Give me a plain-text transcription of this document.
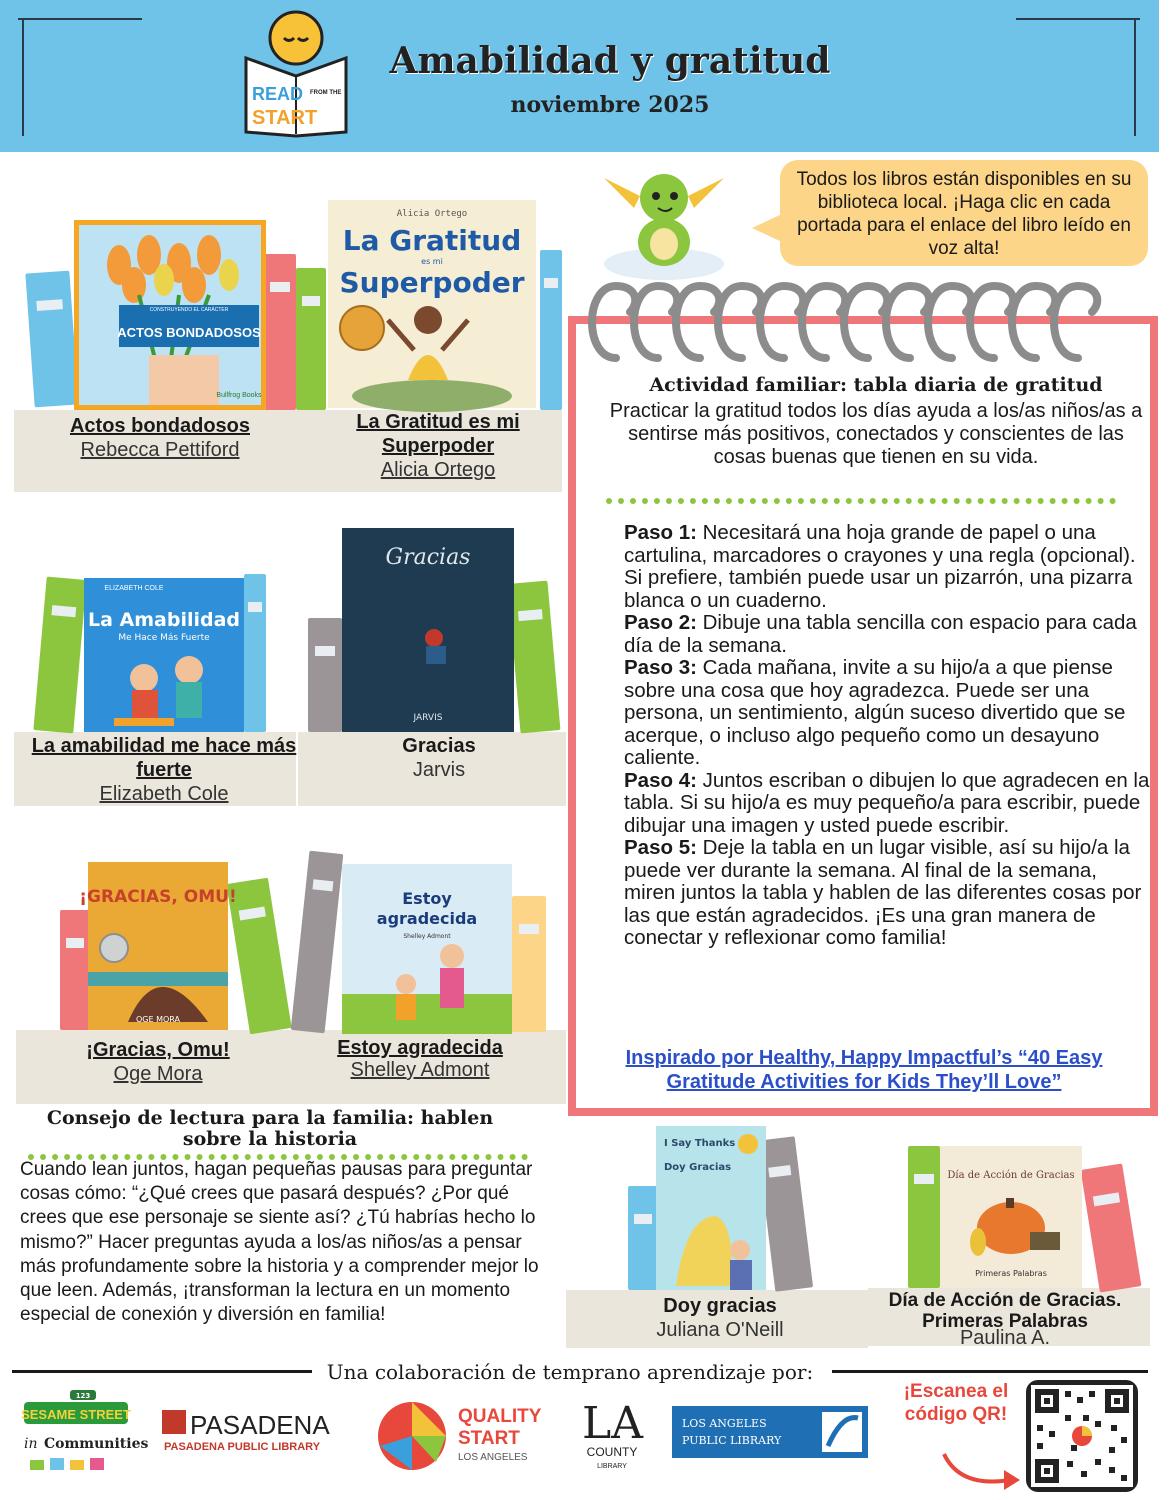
READ FROM THE
START
Amabilidad y gratitud
noviembre 2025
CONSTRUYENDO EL CARÁCTER
ACTOS BONDADOSOS
Bullfrog Books
Alicia Ortego
La Gratitud
es mi
Superpoder
Actos bondadosos
Rebecca Pettiford
La Gratitud es mi Superpoder
Alicia Ortego
ELIZABETH COLE
La Amabilidad
Me Hace Más Fuerte
Gracias
JARVIS
La amabilidad me hace más fuerte
Elizabeth Cole
Gracias
Jarvis
¡GRACIAS, OMU!
OGE MORA
Estoy
agradecida
Shelley Admont
¡Gracias, Omu!
Oge Mora
Estoy agradecida
Shelley Admont
Todos los libros están disponibles en su biblioteca local. ¡Haga clic en cada portada para el enlace del libro leído en voz alta!
Actividad familiar: tabla diaria de gratitud
Practicar la gratitud todos los días ayuda a los/as niños/as a sentirse más positivos, conectados y conscientes de las cosas buenas que tienen en su vida.

Paso 1: Necesitará una hoja grande de papel o una cartulina, marcadores o crayones y una regla (opcional). Si prefiere, también puede usar un pizarrón, una pizarra blanca o un cuaderno.

Paso 2: Dibuje una tabla sencilla con espacio para cada día de la semana.

Paso 3: Cada mañana, invite a su hijo/a a que piense sobre una cosa que hoy agradezca. Puede ser una persona, un sentimiento, algún suceso divertido que se acerque, o incluso algo pequeño como un desayuno caliente.

Paso 4: Juntos escriban o dibujen lo que agradecen en la tabla. Si su hijo/a es muy pequeño/a para escribir, puede dibujar una imagen y usted puede escribir.

Paso 5: Deje la tabla en un lugar visible, así su hijo/a la puede ver durante la semana. Al final de la semana, miren juntos la tabla y hablen de las diferentes cosas por las que están agradecidos. ¡Es una gran manera de conectar y reflexionar como familia!

Inspirado por Healthy, Happy Impactful’s “40 Easy Gratitude Activities for Kids They’ll Love”
Consejo de lectura para la familia: hablen sobre la historia
Cuando lean juntos, hagan pequeñas pausas para preguntar cosas cómo: “¿Qué crees que pasará después? ¿Por qué crees que ese personaje se siente así? ¿Tú habrías hecho lo mismo?” Hacer preguntas ayuda a los/as niños/as a pensar más profundamente sobre la historia y a comprender mejor lo que leen. Además, ¡transforman la lectura en un momento especial de conexión y diversión en familia!
I Say Thanks
Doy Gracias
Día de Acción de Gracias
Primeras Palabras
Doy gracias
Juliana O'Neill
Día de Acción de Gracias. Primeras Palabras
Paulina A.
Una colaboración de temprano aprendizaje por:
123
SESAME STREET
in Communities
PASADENA
PASADENA PUBLIC LIBRARY
QUALITY
START
LOS ANGELES
LA
COUNTY
LIBRARY
LOS ANGELES
PUBLIC LIBRARY
¡Escanea el código QR!
